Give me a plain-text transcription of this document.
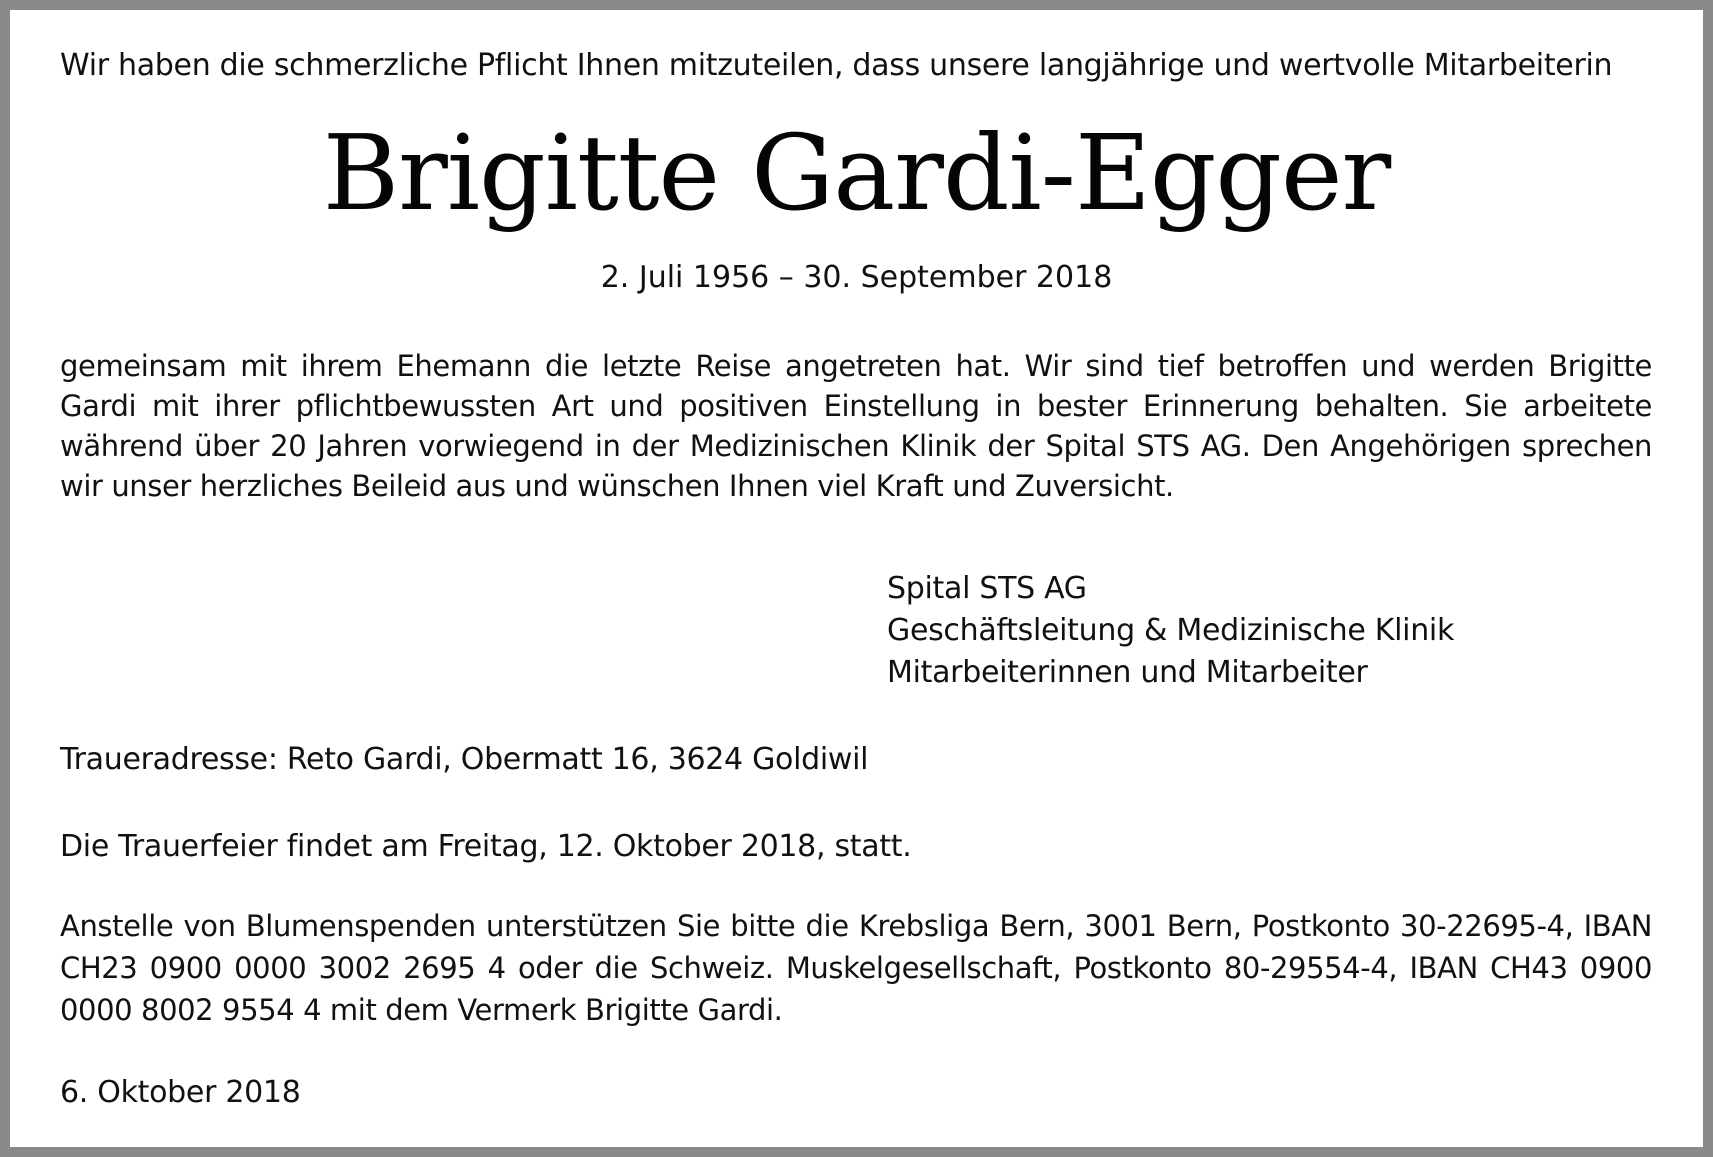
Wir haben die schmerzliche Pflicht Ihnen mitzuteilen, dass unsere langjährige und wertvolle Mitarbeiterin
Brigitte Gardi-Egger
2. Juli 1956 – 30. September 2018
gemeinsam mit ihrem Ehemann die letzte Reise angetreten hat. Wir sind tief betroffen und werden Brigitte Gardi mit ihrer pflichtbewussten Art und positiven Einstellung in bester Erinnerung behalten. Sie arbeitete während über 20 Jahren vorwiegend in der Medizinischen Klinik der Spital STS AG. Den Angehörigen sprechen wir unser herzliches Beileid aus und wünschen Ihnen viel Kraft und Zuversicht.
Spital STS AG
Geschäftsleitung & Medizinische Klinik
Mitarbeiterinnen und Mitarbeiter
Traueradresse: Reto Gardi, Obermatt 16, 3624 Goldiwil
Die Trauerfeier findet am Freitag, 12. Oktober 2018, statt.
Anstelle von Blumenspenden unterstützen Sie bitte die Krebsliga Bern, 3001 Bern, Postkonto 30-22695-4, IBAN CH23 0900 0000 3002 2695 4 oder die Schweiz. Muskelgesellschaft, Postkonto 80-29554-4, IBAN CH43 0900 0000 8002 9554 4 mit dem Vermerk Brigitte Gardi.
6. Oktober 2018
